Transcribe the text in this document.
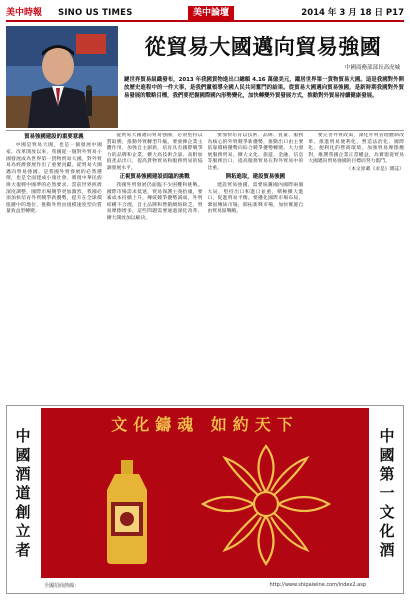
美中時報 SINO US TIMES	美中論壇	2014 年 3 月 18 日 P17
從貿易大國邁向貿易強國
中國商務部部長高虎城
鏈世界貿易組織發布，2013 年我國貨物進出口總額 4.16 萬億美元，躍居世界第一貨物貿易大國。這是我國對外開放歷史進程中的一件大事，是我們黨領導全國人民共同奮鬥的結果。從貿易大國邁向貿易強國，是新時期我國對外貿易發展的戰略目標，我們要把握國際國內形勢變化，加快轉變外貿發展方式，推動對外貿易持續健康發展。
貿易強國建設的重要意義

中國是貿易大國，也是一個發展中國家。改革開放以來，我國從一個對外貿易小國發展成為世界第一貨物貿易大國，對外貿易為經濟發展作出了重要貢獻。從貿易大國邁向貿易強國，是我國外貿發展的必然選擇，也是全面建成小康社會、實現中華民族偉大復興中國夢的必然要求。當前世界經濟深度調整，國際市場競爭更加激烈，我國必須加快培育外貿競爭新優勢，提升在全球價值鏈中的地位，推動外貿由規模速度型向質量效益型轉變。

從貿易大國邁向貿易強國，必須堅持以質取勝，推動外貿轉型升級。要發揮企業主體作用，加強自主創新，培育具有國際競爭力的品牌和企業，擴大高技術含量、高附加值產品出口，提高貨物貿易和服務貿易的協調發展水平。

正視貿易強國建設面臨的挑戰

我國外貿發展仍面臨不少困難和挑戰。國際市場需求低迷，貿易保護主義抬頭，要素成本持續上升，傳統競爭優勢減弱，外貿結構不合理，自主品牌和營銷網絡缺乏，貿易摩擦增多。這些問題需要通過深化改革、擴大開放加以解決。

要加快培育以技術、品牌、質量、服務為核心的外貿競爭新優勢，推動出口由主要依靠價格優勢向綜合競爭優勢轉變。大力發展服務貿易，擴大文化、旅遊、金融、信息等服務出口，提高服務貿易在對外貿易中的比重。

開拓進取，建設貿易強國

建設貿易強國，需要統籌國內國際兩個大局，堅持出口和進口並重，積極擴大進口，促進貿易平衡。要優化國際市場布局，鞏固傳統市場，開拓新興市場，加快實施自由貿易區戰略。

要完善外貿政策，深化外貿管理體制改革，推進貿易便利化，營造法治化、國際化、便利化的營商環境。加強貿易摩擦應對，維護我國企業正當權益，為實現從貿易大國邁向貿易強國的目標而努力奮鬥。

（本文原載《求是》雜誌）

中
國
酒
道
創
立
者
文化鑄魂 如約天下
中
國
第
一
文
化
酒
全國招商熱線：	http://www.shipaiwine.com/index2.asp
